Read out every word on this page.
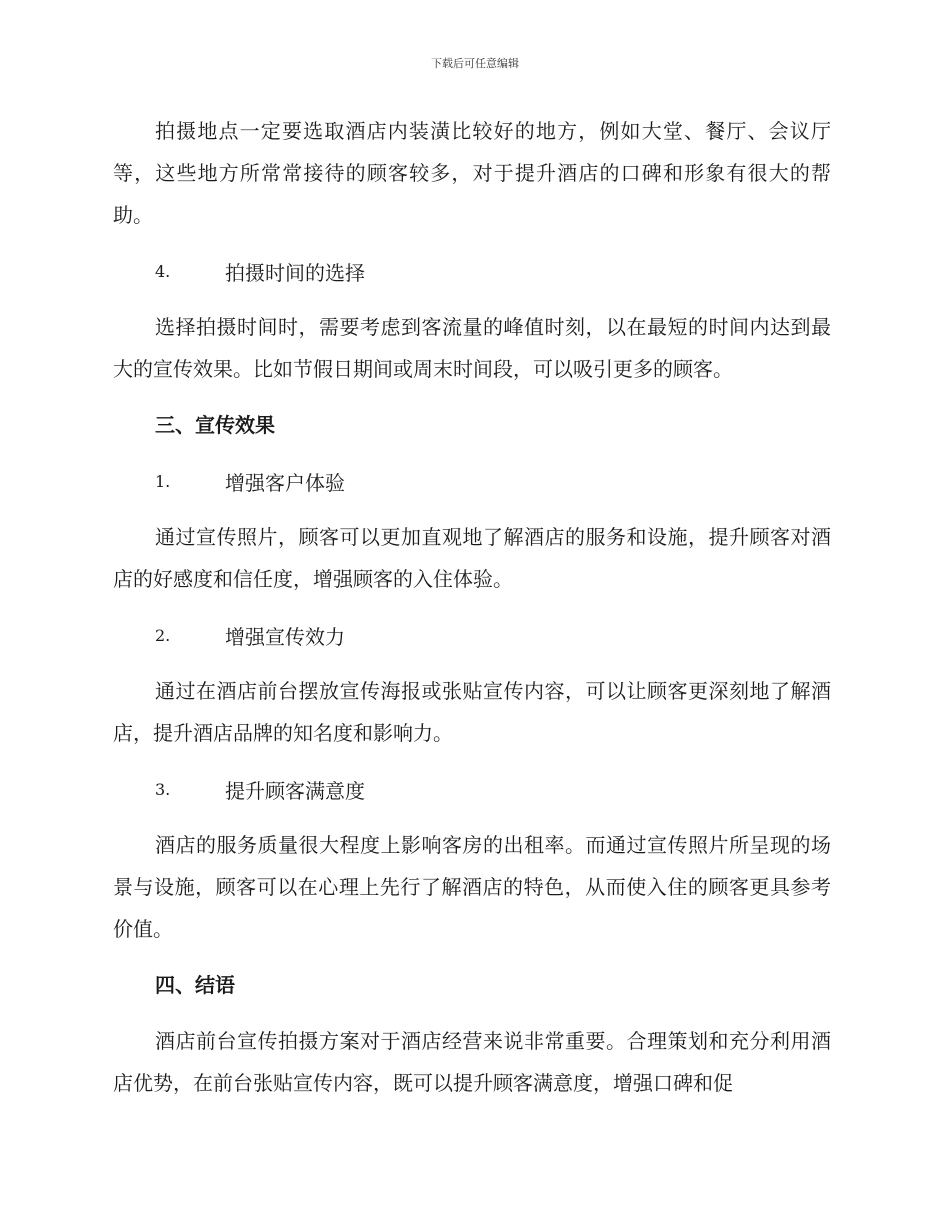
下载后可任意编辑

拍摄地点一定要选取酒店内装潢比较好的地方，例如大堂、餐厅、会议厅等，这些地方所常常接待的顾客较多，对于提升酒店的口碑和形象有很大的帮助。

4.	拍摄时间的选择

选择拍摄时间时，需要考虑到客流量的峰值时刻，以在最短的时间内达到最大的宣传效果。比如节假日期间或周末时间段，可以吸引更多的顾客。

三、宣传效果
1.	增强客户体验

通过宣传照片，顾客可以更加直观地了解酒店的服务和设施，提升顾客对酒店的好感度和信任度，增强顾客的入住体验。

2.	增强宣传效力

通过在酒店前台摆放宣传海报或张贴宣传内容，可以让顾客更深刻地了解酒店，提升酒店品牌的知名度和影响力。

3.	提升顾客满意度

酒店的服务质量很大程度上影响客房的出租率。而通过宣传照片所呈现的场景与设施，顾客可以在心理上先行了解酒店的特色，从而使入住的顾客更具参考价值。

四、结语

酒店前台宣传拍摄方案对于酒店经营来说非常重要。合理策划和充分利用酒店优势，在前台张贴宣传内容，既可以提升顾客满意度，增强口碑和促
